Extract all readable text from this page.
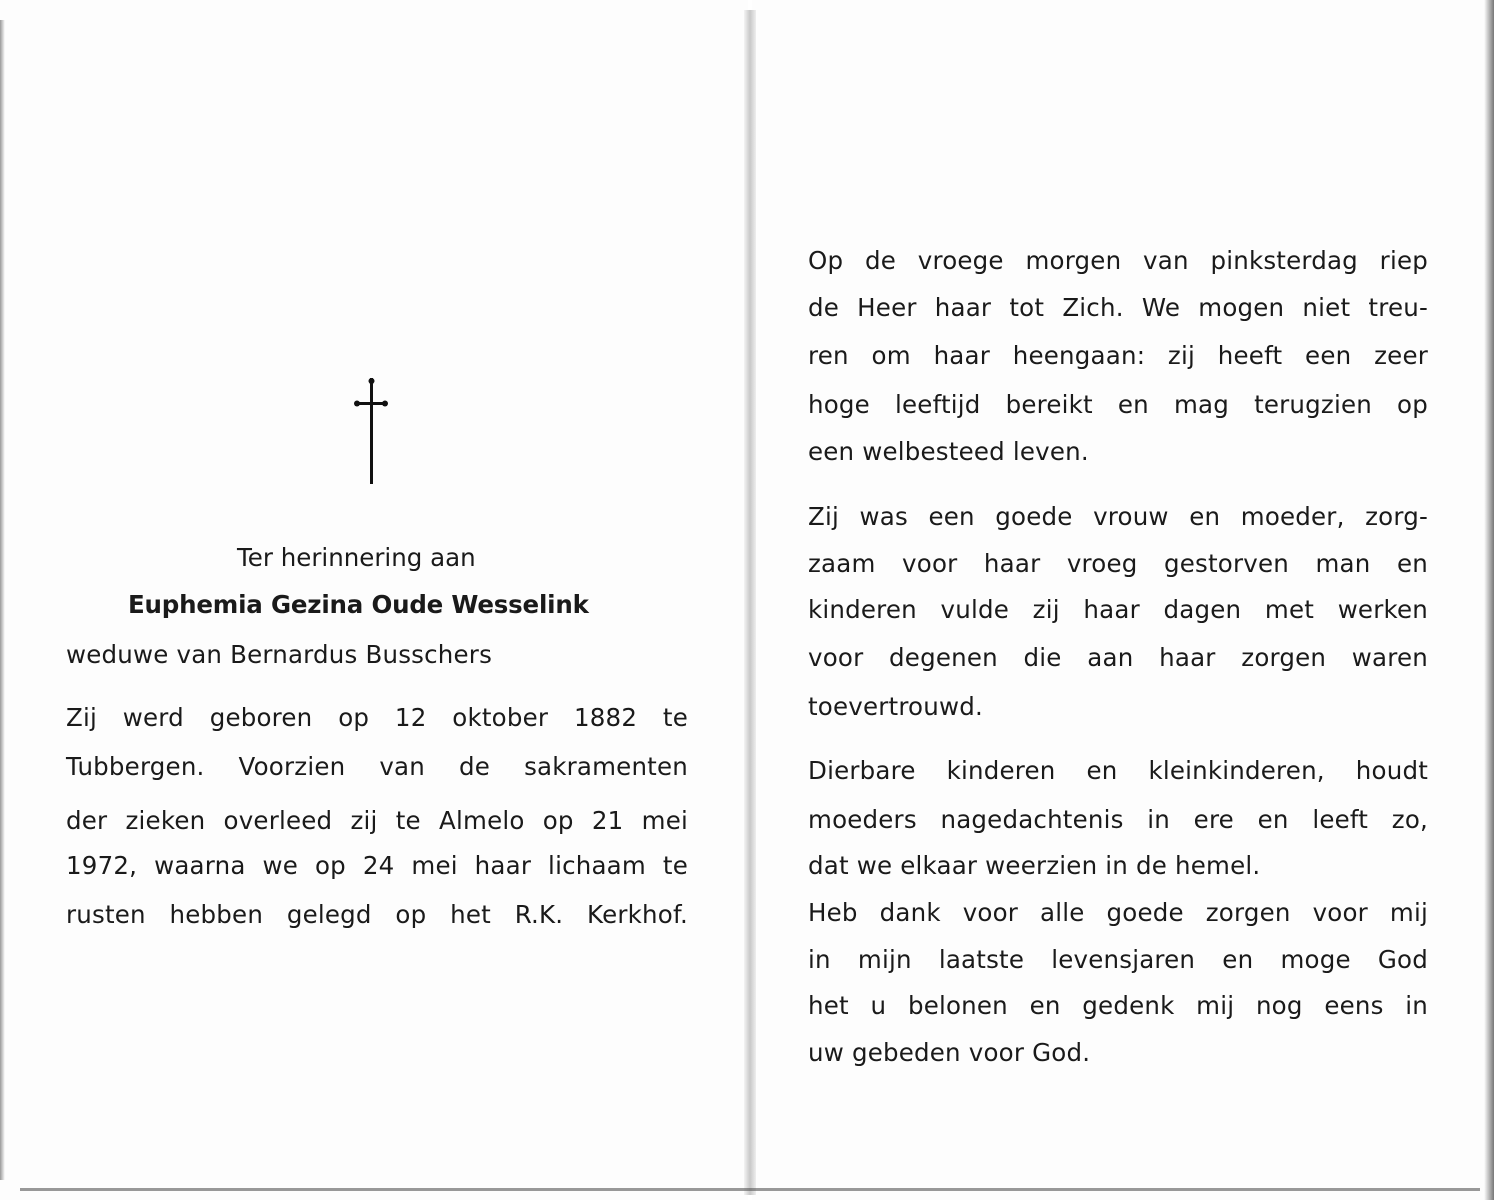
Ter herinnering aan
Euphemia Gezina Oude Wesselink
weduwe van Bernardus Busschers
Zij werd geboren op 12 oktober 1882 te
Tubbergen. Voorzien van de sakramenten
der zieken overleed zij te Almelo op 21 mei
1972, waarna we op 24 mei haar lichaam te
rusten hebben gelegd op het R.K. Kerkhof.
Op de vroege morgen van pinksterdag riep
de Heer haar tot Zich. We mogen niet treu-
ren om haar heengaan: zij heeft een zeer
hoge leeftijd bereikt en mag terugzien op
een welbesteed leven.
Zij was een goede vrouw en moeder, zorg-
zaam voor haar vroeg gestorven man en
kinderen vulde zij haar dagen met werken
voor degenen die aan haar zorgen waren
toevertrouwd.
Dierbare kinderen en kleinkinderen, houdt
moeders nagedachtenis in ere en leeft zo,
dat we elkaar weerzien in de hemel.
Heb dank voor alle goede zorgen voor mij
in mijn laatste levensjaren en moge God
het u belonen en gedenk mij nog eens in
uw gebeden voor God.
